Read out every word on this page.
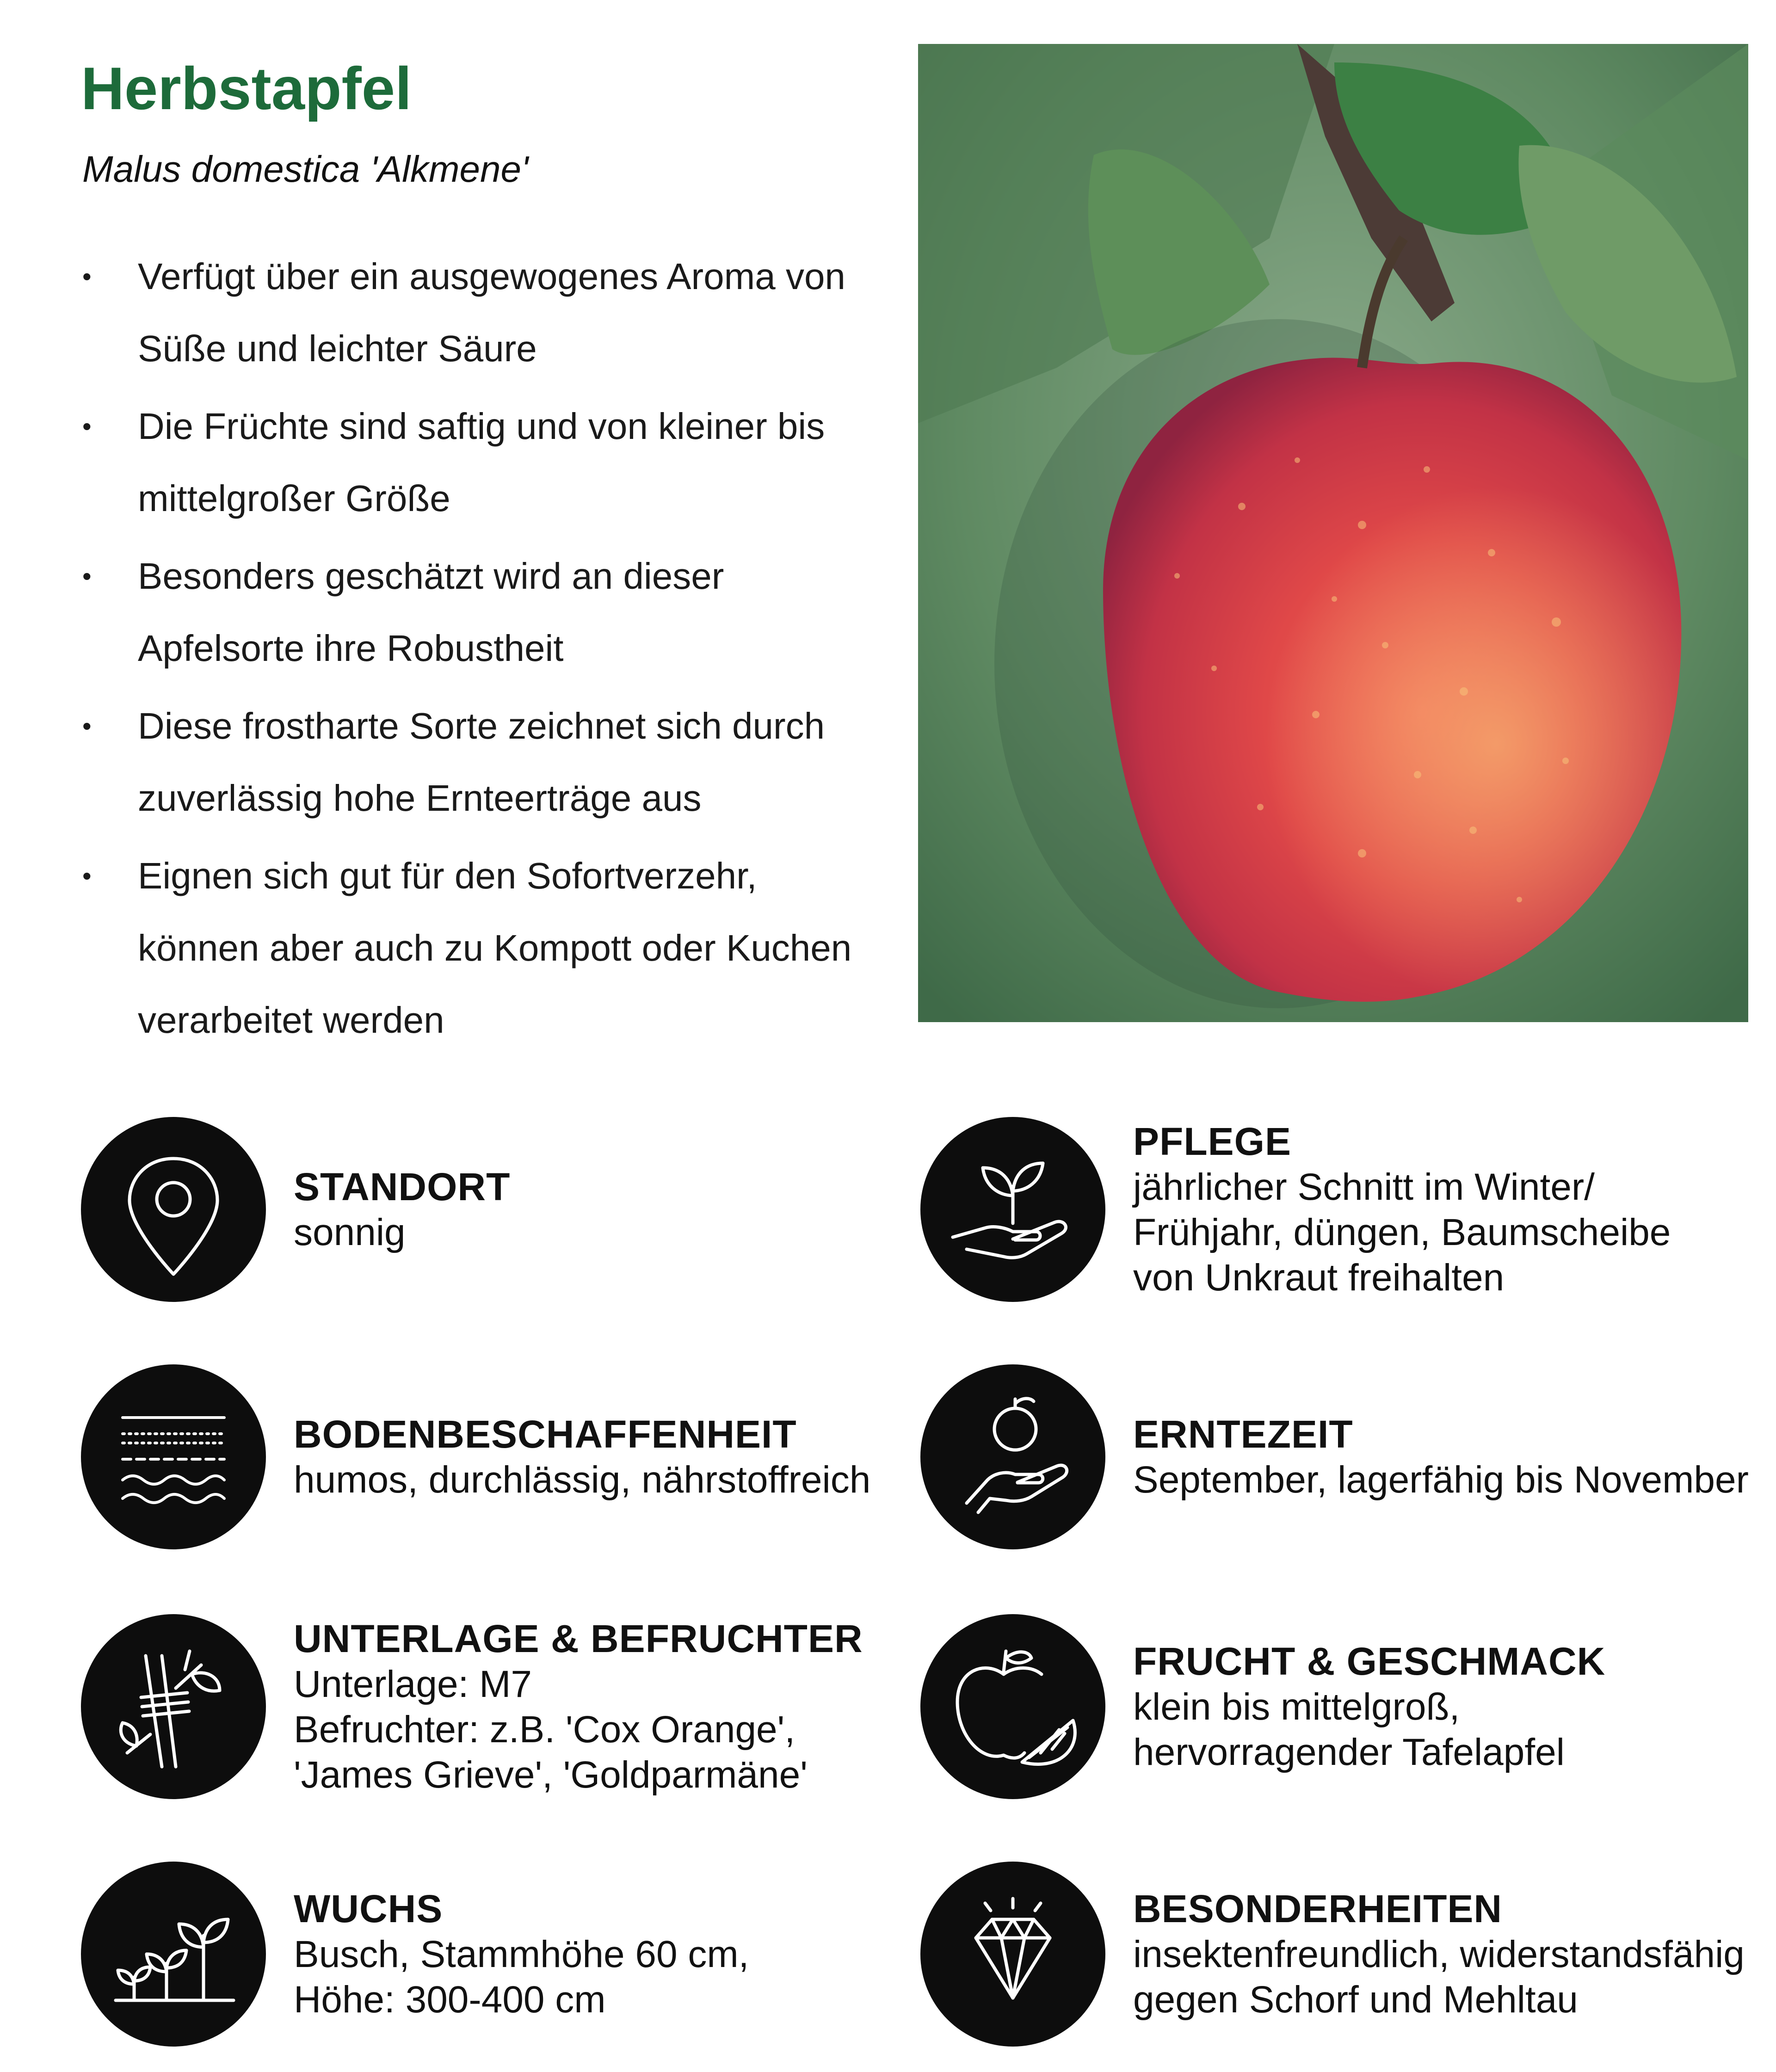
Herbstapfel
Malus domestica 'Alkmene'
• Verfügt über ein ausgewogenes Aroma von Süße und leichter Säure
• Die Früchte sind saftig und von kleiner bis mittelgroßer Größe
• Besonders geschätzt wird an dieser Apfelsorte ihre Robustheit
• Diese frostharte Sorte zeichnet sich durch zuverlässig hohe Ernteerträge aus
• Eignen sich gut für den Sofortverzehr, können aber auch zu Kompott oder Kuchen verarbeitet werden
STANDORT
sonnig
PFLEGE
jährlicher Schnitt im Winter/
Frühjahr, düngen, Baumscheibe
von Unkraut freihalten
BODENBESCHAFFENHEIT
humos, durchlässig, nährstoffreich
ERNTEZEIT
September, lagerfähig bis November
UNTERLAGE & BEFRUCHTER
Unterlage: M7
Befruchter: z.B. 'Cox Orange',
'James Grieve', 'Goldparmäne'
FRUCHT & GESCHMACK
klein bis mittelgroß,
hervorragender Tafelapfel
WUCHS
Busch, Stammhöhe 60 cm,
Höhe: 300-400 cm
BESONDERHEITEN
insektenfreundlich, widerstandsfähig
gegen Schorf und Mehltau
